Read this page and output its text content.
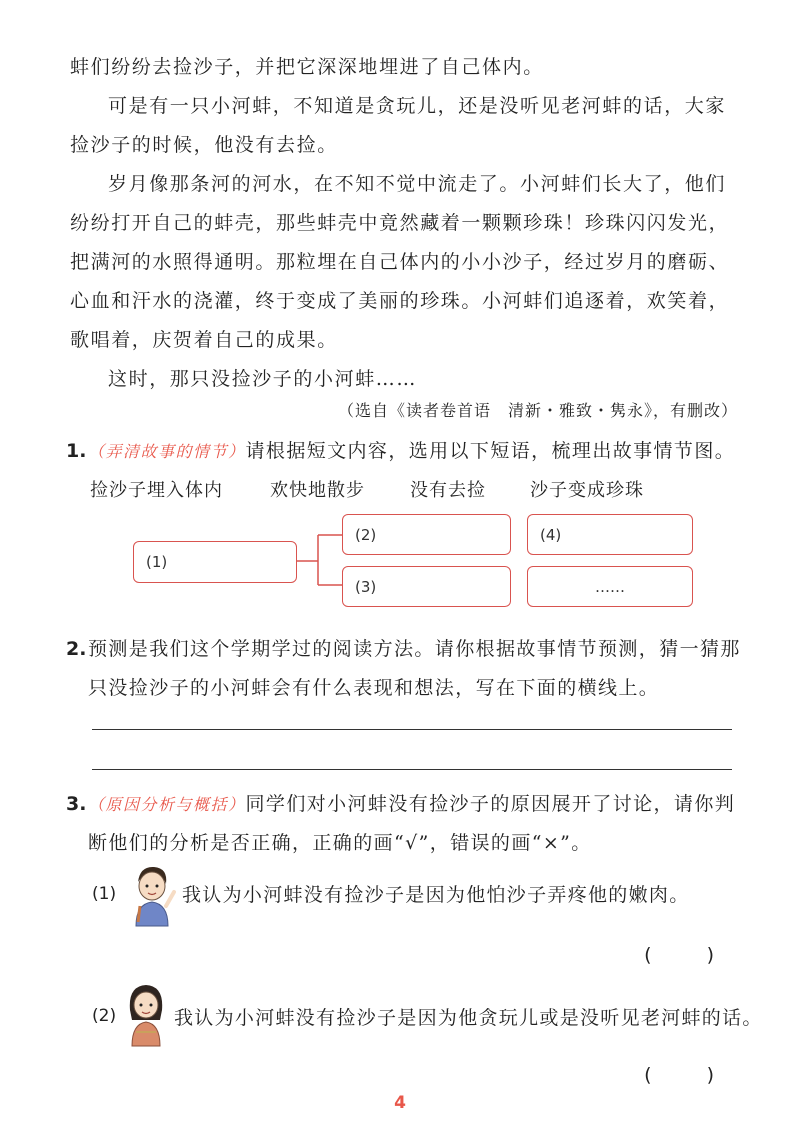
蚌们纷纷去捡沙子，并把它深深地埋进了自己体内。

可是有一只小河蚌，不知道是贪玩儿，还是没听见老河蚌的话，大家捡沙子的时候，他没有去捡。

岁月像那条河的河水，在不知不觉中流走了。小河蚌们长大了，他们纷纷打开自己的蚌壳，那些蚌壳中竟然藏着一颗颗珍珠！珍珠闪闪发光，把满河的水照得通明。那粒埋在自己体内的小小沙子，经过岁月的磨砺、心血和汗水的浇灌，终于变成了美丽的珍珠。小河蚌们追逐着，欢笑着，歌唱着，庆贺着自己的成果。

这时，那只没捡沙子的小河蚌……

（选自《读者卷首语　清新・雅致・隽永》，有删改）
1. （弄清故事的情节）请根据短文内容，选用以下短语，梳理出故事情节图。
捡沙子埋入体内	欢快地散步	没有去捡 沙子变成珍珠
(1)
(2)
(3)
(4)
……
2. 预测是我们这个学期学过的阅读方法。请你根据故事情节预测，猜一猜那只没捡沙子的小河蚌会有什么表现和想法，写在下面的横线上。
3. （原因分析与概括）同学们对小河蚌没有捡沙子的原因展开了讨论，请你判断他们的分析是否正确，正确的画“√”，错误的画“×”。
(1)	我认为小河蚌没有捡沙子是因为他怕沙子弄疼他的嫩肉。
(　)
(2)	我认为小河蚌没有捡沙子是因为他贪玩儿或是没听见老河蚌的话。
(　)
4
